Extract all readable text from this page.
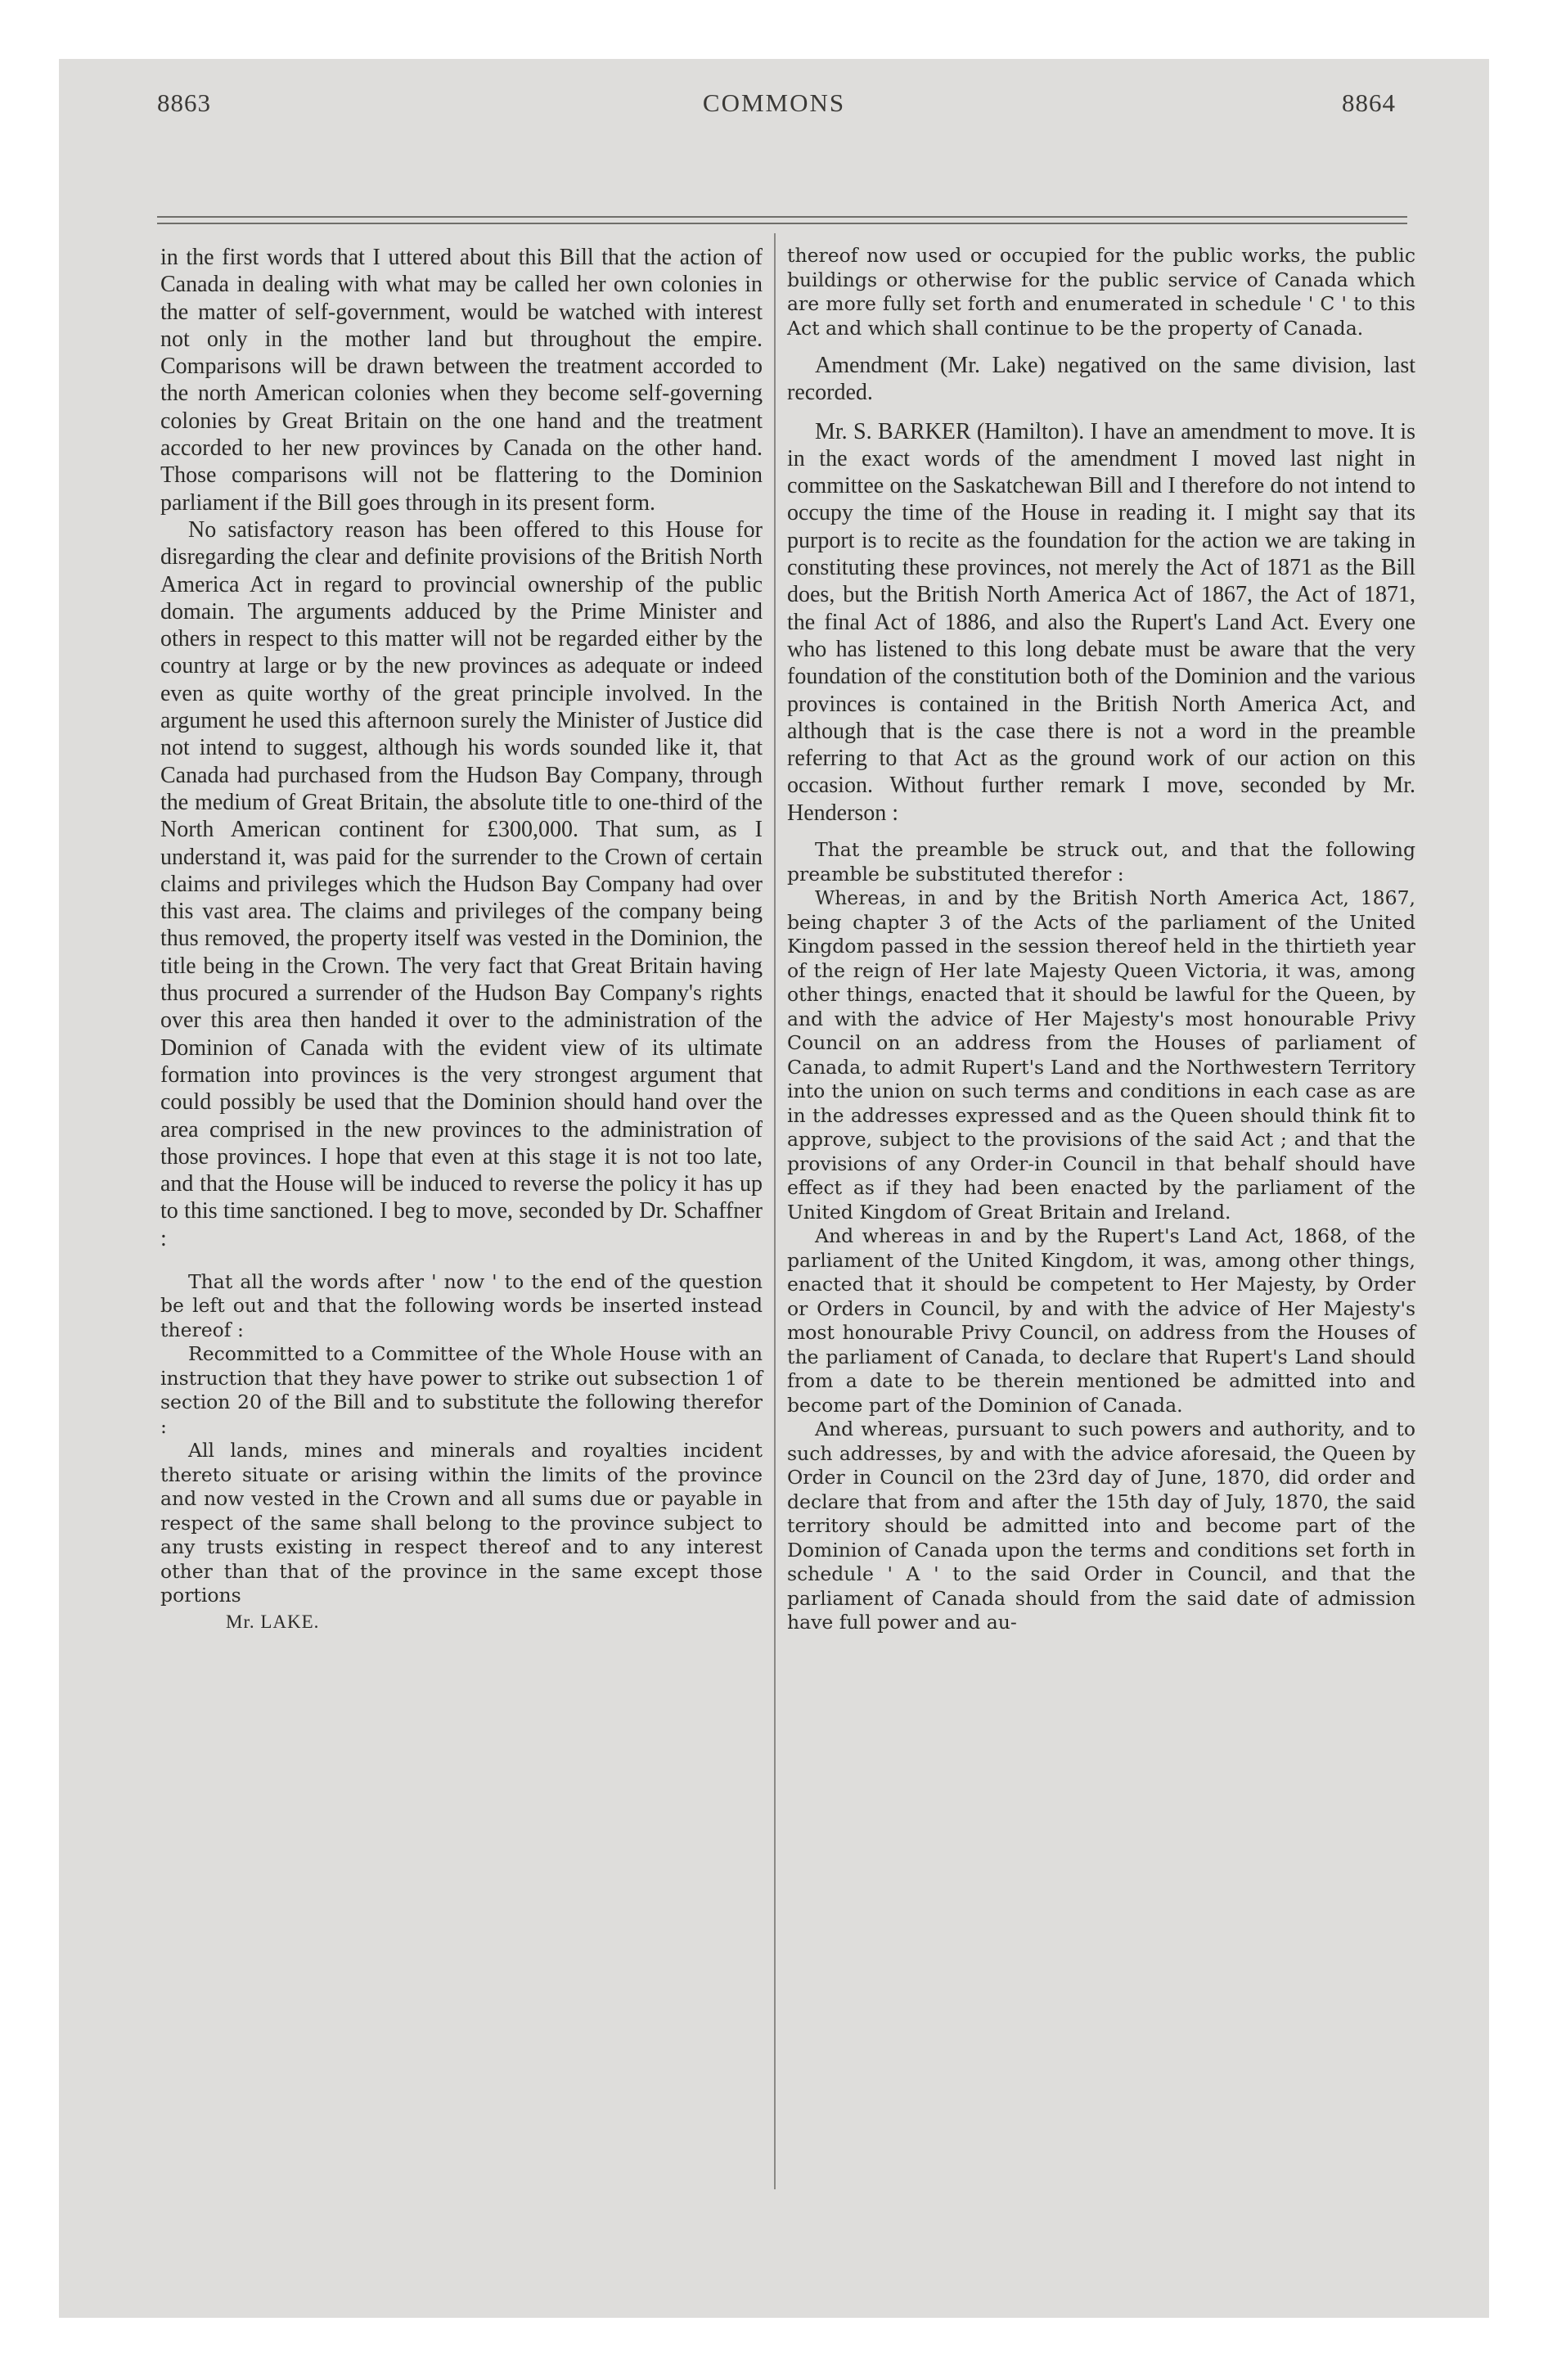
8863	COMMONS	8864

in the first words that I uttered about this Bill that the action of Canada in dealing with what may be called her own colonies in the matter of self-government, would be watched with interest not only in the mother land but throughout the empire. Comparisons will be drawn between the treatment accorded to the north American colonies when they become self-governing colonies by Great Britain on the one hand and the treatment accorded to her new provinces by Canada on the other hand. Those comparisons will not be flattering to the Dominion parliament if the Bill goes through in its present form.

No satisfactory reason has been offered to this House for disregarding the clear and definite provisions of the British North America Act in regard to provincial ownership of the public domain. The arguments adduced by the Prime Minister and others in respect to this matter will not be regarded either by the country at large or by the new provinces as adequate or indeed even as quite worthy of the great principle involved. In the argument he used this afternoon surely the Minister of Justice did not intend to suggest, although his words sounded like it, that Canada had purchased from the Hudson Bay Company, through the medium of Great Britain, the absolute title to one-third of the North American continent for £300,000. That sum, as I understand it, was paid for the surrender to the Crown of certain claims and privileges which the Hudson Bay Company had over this vast area. The claims and privileges of the company being thus removed, the property itself was vested in the Dominion, the title being in the Crown. The very fact that Great Britain having thus procured a surrender of the Hudson Bay Company's rights over this area then handed it over to the administration of the Dominion of Canada with the evident view of its ultimate formation into provinces is the very strongest argument that could possibly be used that the Dominion should hand over the area comprised in the new provinces to the administration of those provinces. I hope that even at this stage it is not too late, and that the House will be induced to reverse the policy it has up to this time sanctioned. I beg to move, seconded by Dr. Schaffner :

That all the words after ' now ' to the end of the question be left out and that the following words be inserted instead thereof :

Recommitted to a Committee of the Whole House with an instruction that they have power to strike out subsection 1 of section 20 of the Bill and to substitute the following therefor :

All lands, mines and minerals and royalties incident thereto situate or arising within the limits of the province and now vested in the Crown and all sums due or payable in respect of the same shall belong to the province subject to any trusts existing in respect thereof and to any interest other than that of the province in the same except those portions

Mr. LAKE.

thereof now used or occupied for the public works, the public buildings or otherwise for the public service of Canada which are more fully set forth and enumerated in schedule ' C ' to this Act and which shall continue to be the property of Canada.

Amendment (Mr. Lake) negatived on the same division, last recorded.

Mr. S. BARKER (Hamilton). I have an amendment to move. It is in the exact words of the amendment I moved last night in committee on the Saskatchewan Bill and I therefore do not intend to occupy the time of the House in reading it. I might say that its purport is to recite as the foundation for the action we are taking in constituting these provinces, not merely the Act of 1871 as the Bill does, but the British North America Act of 1867, the Act of 1871, the final Act of 1886, and also the Rupert's Land Act. Every one who has listened to this long debate must be aware that the very foundation of the constitution both of the Dominion and the various provinces is contained in the British North America Act, and although that is the case there is not a word in the preamble referring to that Act as the ground work of our action on this occasion. Without further remark I move, seconded by Mr. Henderson :

That the preamble be struck out, and that the following preamble be substituted therefor :

Whereas, in and by the British North America Act, 1867, being chapter 3 of the Acts of the parliament of the United Kingdom passed in the session thereof held in the thirtieth year of the reign of Her late Majesty Queen Victoria, it was, among other things, enacted that it should be lawful for the Queen, by and with the advice of Her Majesty's most honourable Privy Council on an address from the Houses of parliament of Canada, to admit Rupert's Land and the Northwestern Territory into the union on such terms and conditions in each case as are in the addresses expressed and as the Queen should think fit to approve, subject to the provisions of the said Act ; and that the provisions of any Order-in Council in that behalf should have effect as if they had been enacted by the parliament of the United Kingdom of Great Britain and Ireland.

And whereas in and by the Rupert's Land Act, 1868, of the parliament of the United Kingdom, it was, among other things, enacted that it should be competent to Her Majesty, by Order or Orders in Council, by and with the advice of Her Majesty's most honourable Privy Council, on address from the Houses of the parliament of Canada, to declare that Rupert's Land should from a date to be therein mentioned be admitted into and become part of the Dominion of Canada.

And whereas, pursuant to such powers and authority, and to such addresses, by and with the advice aforesaid, the Queen by Order in Council on the 23rd day of June, 1870, did order and declare that from and after the 15th day of July, 1870, the said territory should be admitted into and become part of the Dominion of Canada upon the terms and conditions set forth in schedule ' A ' to the said Order in Council, and that the parliament of Canada should from the said date of admission have full power and au-
